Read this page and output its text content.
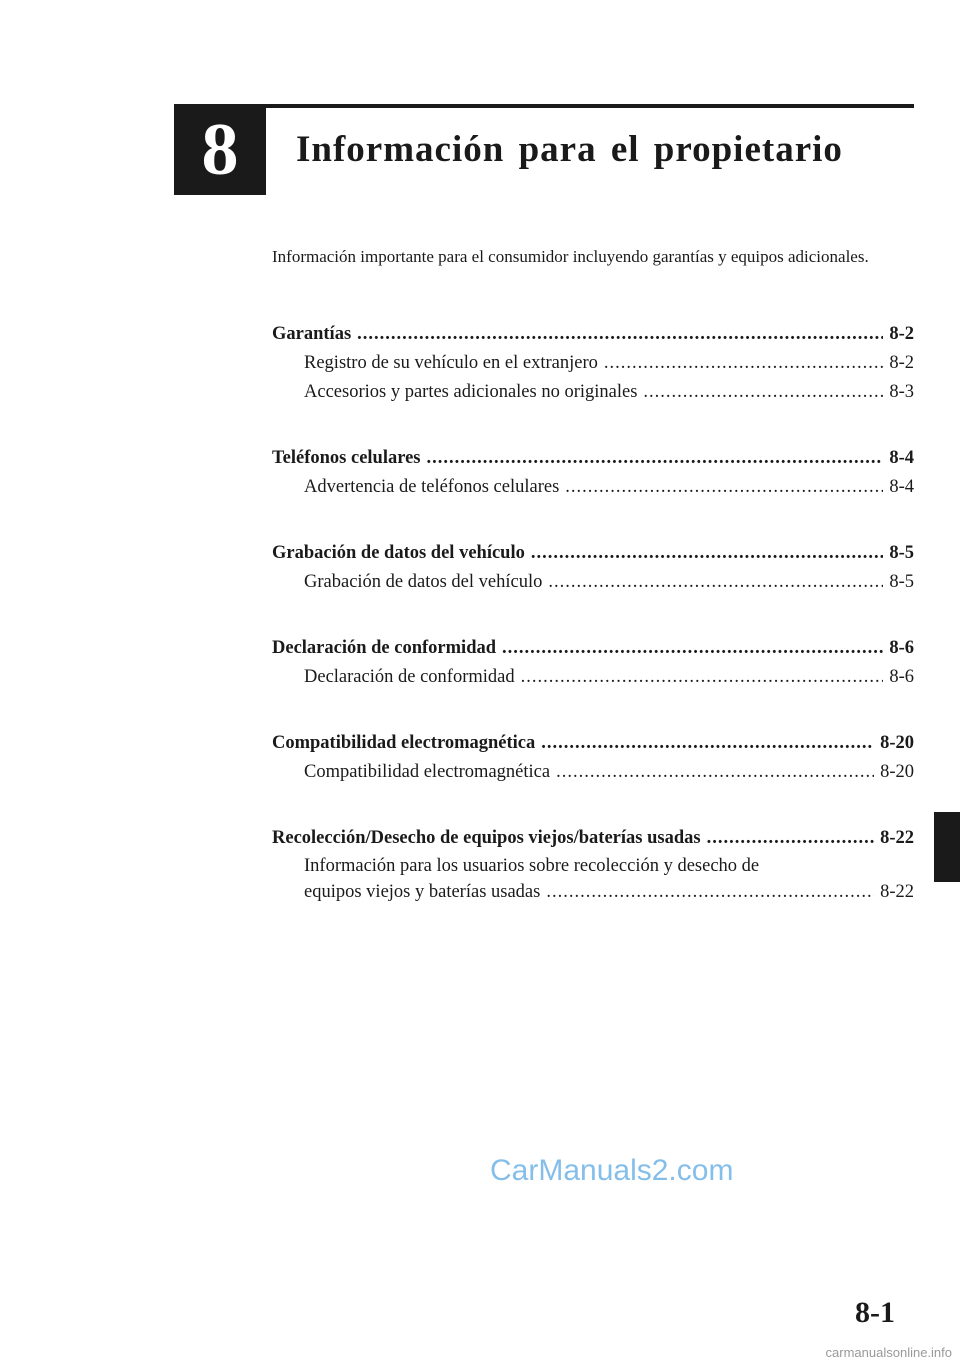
8 Información para el propietario

Información importante para el consumidor incluyendo garantías y equipos adicionales.

Garantías .....	8-2
Registro de su vehículo en el extranjero .....	8-2
Accesorios y partes adicionales no originales .....	8-3
Teléfonos celulares .....	8-4
Advertencia de teléfonos celulares .....	8-4
Grabación de datos del vehículo .....	8-5
Grabación de datos del vehículo .....	8-5
Declaración de conformidad .....	8-6
Declaración de conformidad .....	8-6
Compatibilidad electromagnética .....	8-20
Compatibilidad electromagnética .....	8-20
Recolección/Desecho de equipos viejos/baterías usadas .....	8-22
Información para los usuarios sobre recolección y desecho de
equipos viejos y baterías usadas .....	8-22
CarManuals2.com
8-1
carmanualsonline.info
